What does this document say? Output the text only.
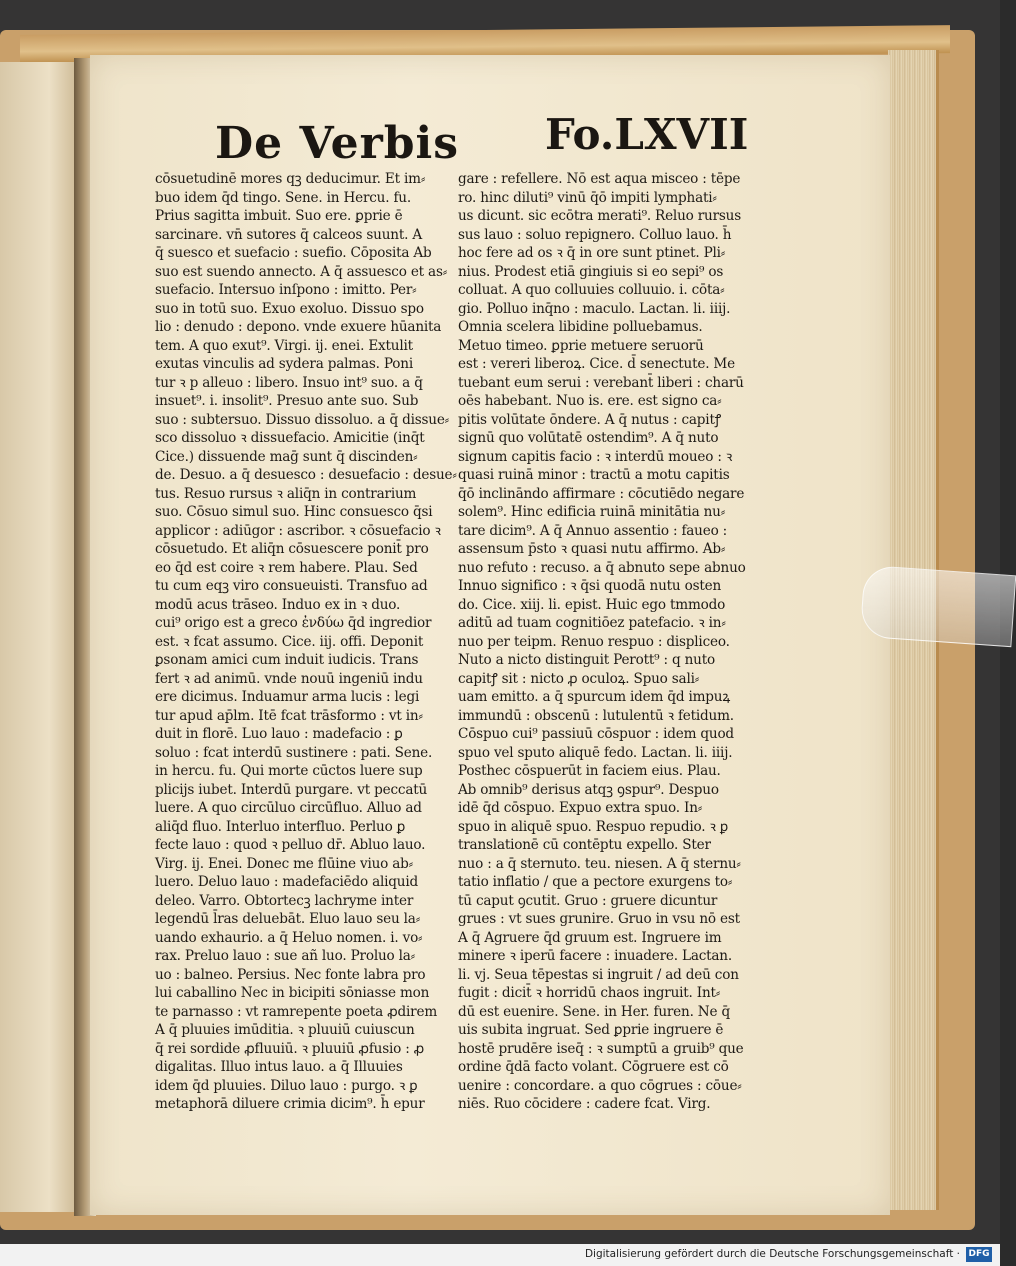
De Verbis Fo.LXVII
cōsuetudinē mores qꝫ deducimur. Et im⸗
buo idem q̄d tingo. Sene. in Hercu. fu.
Prius sagitta imbuit. Suo ere. ꝑprie ē
sarcinare. vn̄ sutores q̄ calceos suunt. A
q̄ suesco et suefacio : suefio. Cōposita Ab
suo est suendo annecto. A q̄ assuesco et as⸗
suefacio. Intersuo inſpono : imitto. Per⸗
suo in totū suo. Exuo exoluo. Dissuo spo
lio : denudo : depono. vnde exuere hūanita
tem. A quo exut⁹. Virgi. ij. enei. Extulit
exutas vinculis ad sydera palmas. Poni
tur ꝛ p alleuo : libero. Insuo int⁹ suo. a q̄
insuet⁹. i. insolit⁹. Presuo ante suo. Sub
suo : subtersuo. Dissuo dissoluo. a q̄ dissue⸗
sco dissoluo ꝛ dissuefacio. Amicitie (inq̄t
Cice.) dissuende maḡ sunt q̄ discinden⸗
de. Desuo. a q̄ desuesco : desuefacio : desue⸗
tus. Resuo rursus ꝛ aliq̄n in contrarium
suo. Cōsuo simul suo. Hinc consuesco q̄si
applicor : adiūgor : ascribor. ꝛ cōsuefacio ꝛ
cōsuetudo. Et aliq̄n cōsuescere ponit̄ pro
eo q̄d est coire ꝛ rem habere. Plau. Sed
tu cum eqꝫ viro consueuisti. Transfuo ad
modū acus trāseo. Induo ex in ꝛ duo.
cui⁹ origo est a greco ἐνδύω q̄d ingredior
est. ꝛ fcat assumo. Cice. iij. offi. Deponit
ꝑsonam amici cum induit iudicis. Trans
fert ꝛ ad animū. vnde nouū ingeniū indu
ere dicimus. Induamur arma lucis : legi
tur apud ap̄lm. Itē fcat trāsformo : vt in⸗
duit in florē. Luo lauo : madefacio : ꝑ
soluo : fcat interdū sustinere : pati. Sene.
in hercu. fu. Qui morte cūctos luere sup
plicijs iubet. Interdū purgare. vt peccatū
luere. A quo circūluo circūfluo. Alluo ad
aliq̄d fluo. Interluo interfluo. Perluo ꝑ
fecte lauo : quod ꝛ pelluo dr̄. Abluo lauo.
Virg. ij. Enei. Donec me flūine viuo ab⸗
luero. Deluo lauo : madefaciēdo aliquid
deleo. Varro. Obtortecꝫ lachryme inter
legendū l̄ras deluebāt. Eluo lauo seu la⸗
uando exhaurio. a q̄ Heluo nomen. i. vo⸗
rax. Preluo lauo : sue añ luo. Proluo la⸗
uo : balneo. Persius. Nec fonte labra pro
lui caballino Nec in bicipiti sōniasse mon
te parnasso : vt ramrepente poeta ꝓdirem
A q̄ pluuies imūditia. ꝛ pluuiū cuiuscun
q̄ rei sordide ꝓfluuiū. ꝛ pluuiū ꝓfusio : ꝓ
digalitas. Illuo intus lauo. a q̄ Illuuies
idem q̄d pluuies. Diluo lauo : purgo. ꝛ ꝑ
metaphorā diluere crimia dicim⁹. h̄ epur
gare : refellere. Nō est aqua misceo : tēpe
ro. hinc diluti⁹ vinū q̄ō impiti lymphati⸗
us dicunt. sic ecōtra merati⁹. Reluo rursus
sus lauo : soluo repignero. Colluo lauo. h̄
hoc fere ad os ꝛ q̄ in ore sunt ptinet. Pli⸗
nius. Prodest etiā gingiuis si eo sepi⁹ os
colluat. A quo colluuies colluuio. i. cōta⸗
gio. Polluo inq̄no : maculo. Lactan. li. iiij.
Omnia scelera libidine polluebamus.
Metuo timeo. ꝑprie metuere seruorū
est : vereri liberoꝝ. Cice. d̄ senectute. Me
tuebant eum serui : verebant̄ liberi : charū
oēs habebant. Nuo is. ere. est signo ca⸗
pitis volūtate ōndere. A q̄ nutus : capitꝭ
signū quo volūtatē ostendim⁹. A q̄ nuto
signum capitis facio : ꝛ interdū moueo : ꝛ
quasi ruinā minor : tractū a motu capitis
q̄ō inclināndo affirmare : cōcutiēdo negare
solem⁹. Hinc edificia ruinā minitātia nu⸗
tare dicim⁹. A q̄ Annuo assentio : faueo :
assensum p̄sto ꝛ quasi nutu affirmo. Ab⸗
nuo refuto : recuso. a q̄ abnuto sepe abnuo
Innuo significo : ꝛ q̄si quodā nutu osten
do. Cice. xiij. li. epist. Huic ego tmmodo
aditū ad tuam cognitiōez patefacio. ꝛ in⸗
nuo per teipm. Renuo respuo : displiceo.
Nuto a nicto distinguit Perott⁹ : q nuto
capitꝭ sit : nicto ꝓ oculoꝝ. Spuo sali⸗
uam emitto. a q̄ spurcum idem q̄d impuꝝ
immundū : obscenū : lutulentū ꝛ fetidum.
Cōspuo cui⁹ passiuū cōspuor : idem quod
spuo vel sputo aliquē fedo. Lactan. li. iiij.
Posthec cōspuerūt in faciem eius. Plau.
Ab omnib⁹ derisus atqꝫ ꝯspur⁹. Despuo
idē q̄d cōspuo. Expuo extra spuo. In⸗
spuo in aliquē spuo. Respuo repudio. ꝛ ꝑ
translationē cū contēptu expello. Ster
nuo : a q̄ sternuto. teu. niesen. A q̄ sternu⸗
tatio inflatio / que a pectore exurgens to⸗
tū caput ꝯcutit. Gruo : gruere dicuntur
grues : vt sues grunire. Gruo in vsu nō est
A q̄ Agruere q̄d gruum est. Ingruere im
minere ꝛ iperū facere : inuadere. Lactan.
li. vj. Seua tēpestas si ingruit / ad deū con
fugit : dicit̄ ꝛ horridū chaos ingruit. Int⸗
dū est euenire. Sene. in Her. furen. Ne q̄
uis subita ingruat. Sed ꝑprie ingruere ē
hostē prudēre iseq̄ : ꝛ sumptū a gruib⁹ que
ordine q̄dā facto volant. Cōgruere est cō
uenire : concordare. a quo cōgrues : cōue⸗
niēs. Ruo cōcidere : cadere fcat. Virg.
Digitalisierung gefördert durch die Deutsche Forschungsgemeinschaft · DFG
